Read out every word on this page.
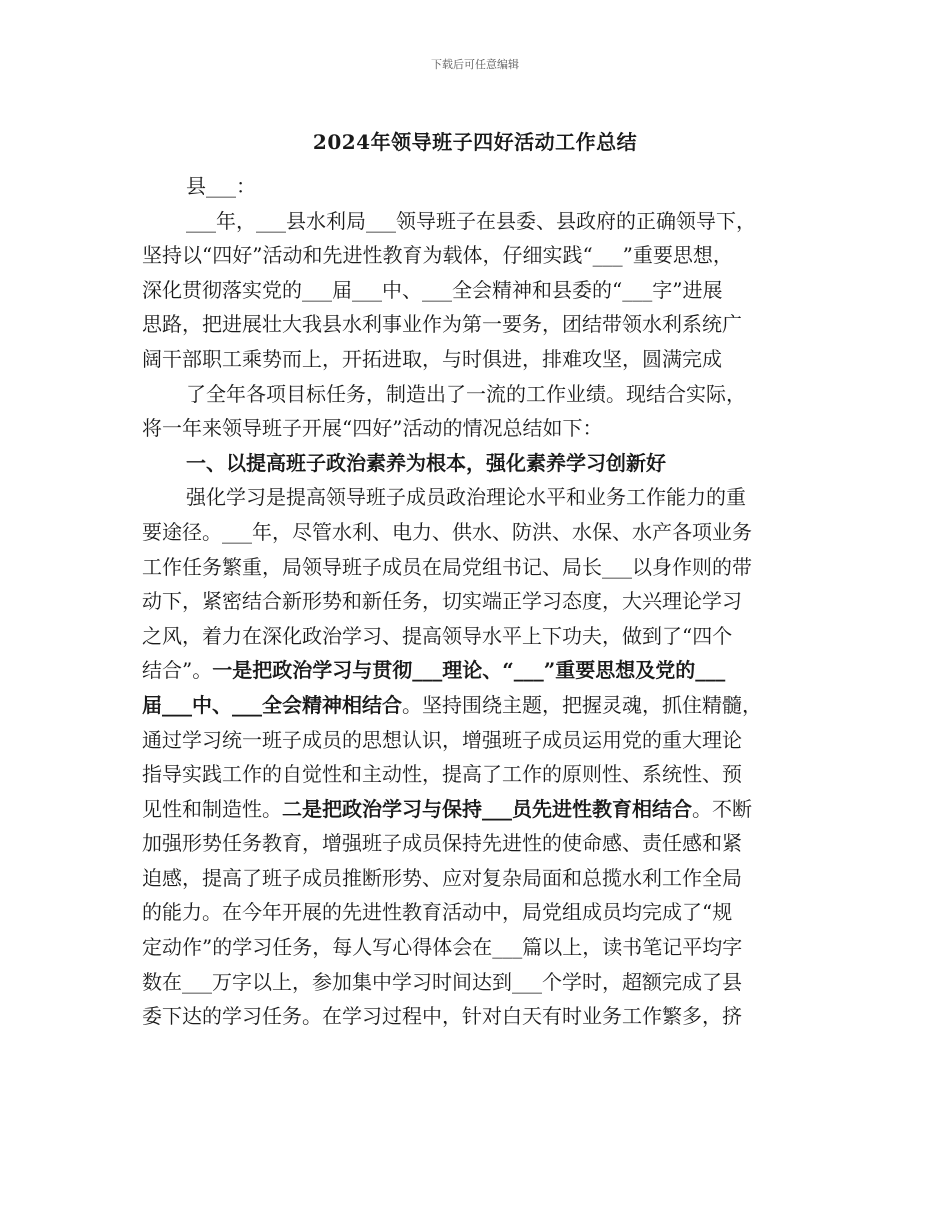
下载后可任意编辑
2024年领导班子四好活动工作总结
县___：
___年，___县水利局___领导班子在县委、县政府的正确领导下，
坚持以“四好”活动和先进性教育为载体，仔细实践“___”重要思想，
深化贯彻落实党的___届___中、___全会精神和县委的“___字”进展
思路，把进展壮大我县水利事业作为第一要务，团结带领水利系统广
阔干部职工乘势而上，开拓进取，与时俱进，排难攻坚，圆满完成
了全年各项目标任务，制造出了一流的工作业绩。现结合实际，
将一年来领导班子开展“四好”活动的情况总结如下：
一、以提高班子政治素养为根本，强化素养学习创新好
强化学习是提高领导班子成员政治理论水平和业务工作能力的重
要途径。___年，尽管水利、电力、供水、防洪、水保、水产各项业务
工作任务繁重，局领导班子成员在局党组书记、局长___以身作则的带
动下，紧密结合新形势和新任务，切实端正学习态度，大兴理论学习
之风，着力在深化政治学习、提高领导水平上下功夫，做到了“四个
结合”。一是把政治学习与贯彻___理论、“___”重要思想及党的___
届___中、___全会精神相结合。坚持围绕主题，把握灵魂，抓住精髓，
通过学习统一班子成员的思想认识，增强班子成员运用党的重大理论
指导实践工作的自觉性和主动性，提高了工作的原则性、系统性、预
见性和制造性。二是把政治学习与保持___员先进性教育相结合。不断
加强形势任务教育，增强班子成员保持先进性的使命感、责任感和紧
迫感，提高了班子成员推断形势、应对复杂局面和总揽水利工作全局
的能力。在今年开展的先进性教育活动中，局党组成员均完成了“规
定动作”的学习任务，每人写心得体会在___篇以上，读书笔记平均字
数在___万字以上，参加集中学习时间达到___个学时，超额完成了县
委下达的学习任务。在学习过程中，针对白天有时业务工作繁多，挤
